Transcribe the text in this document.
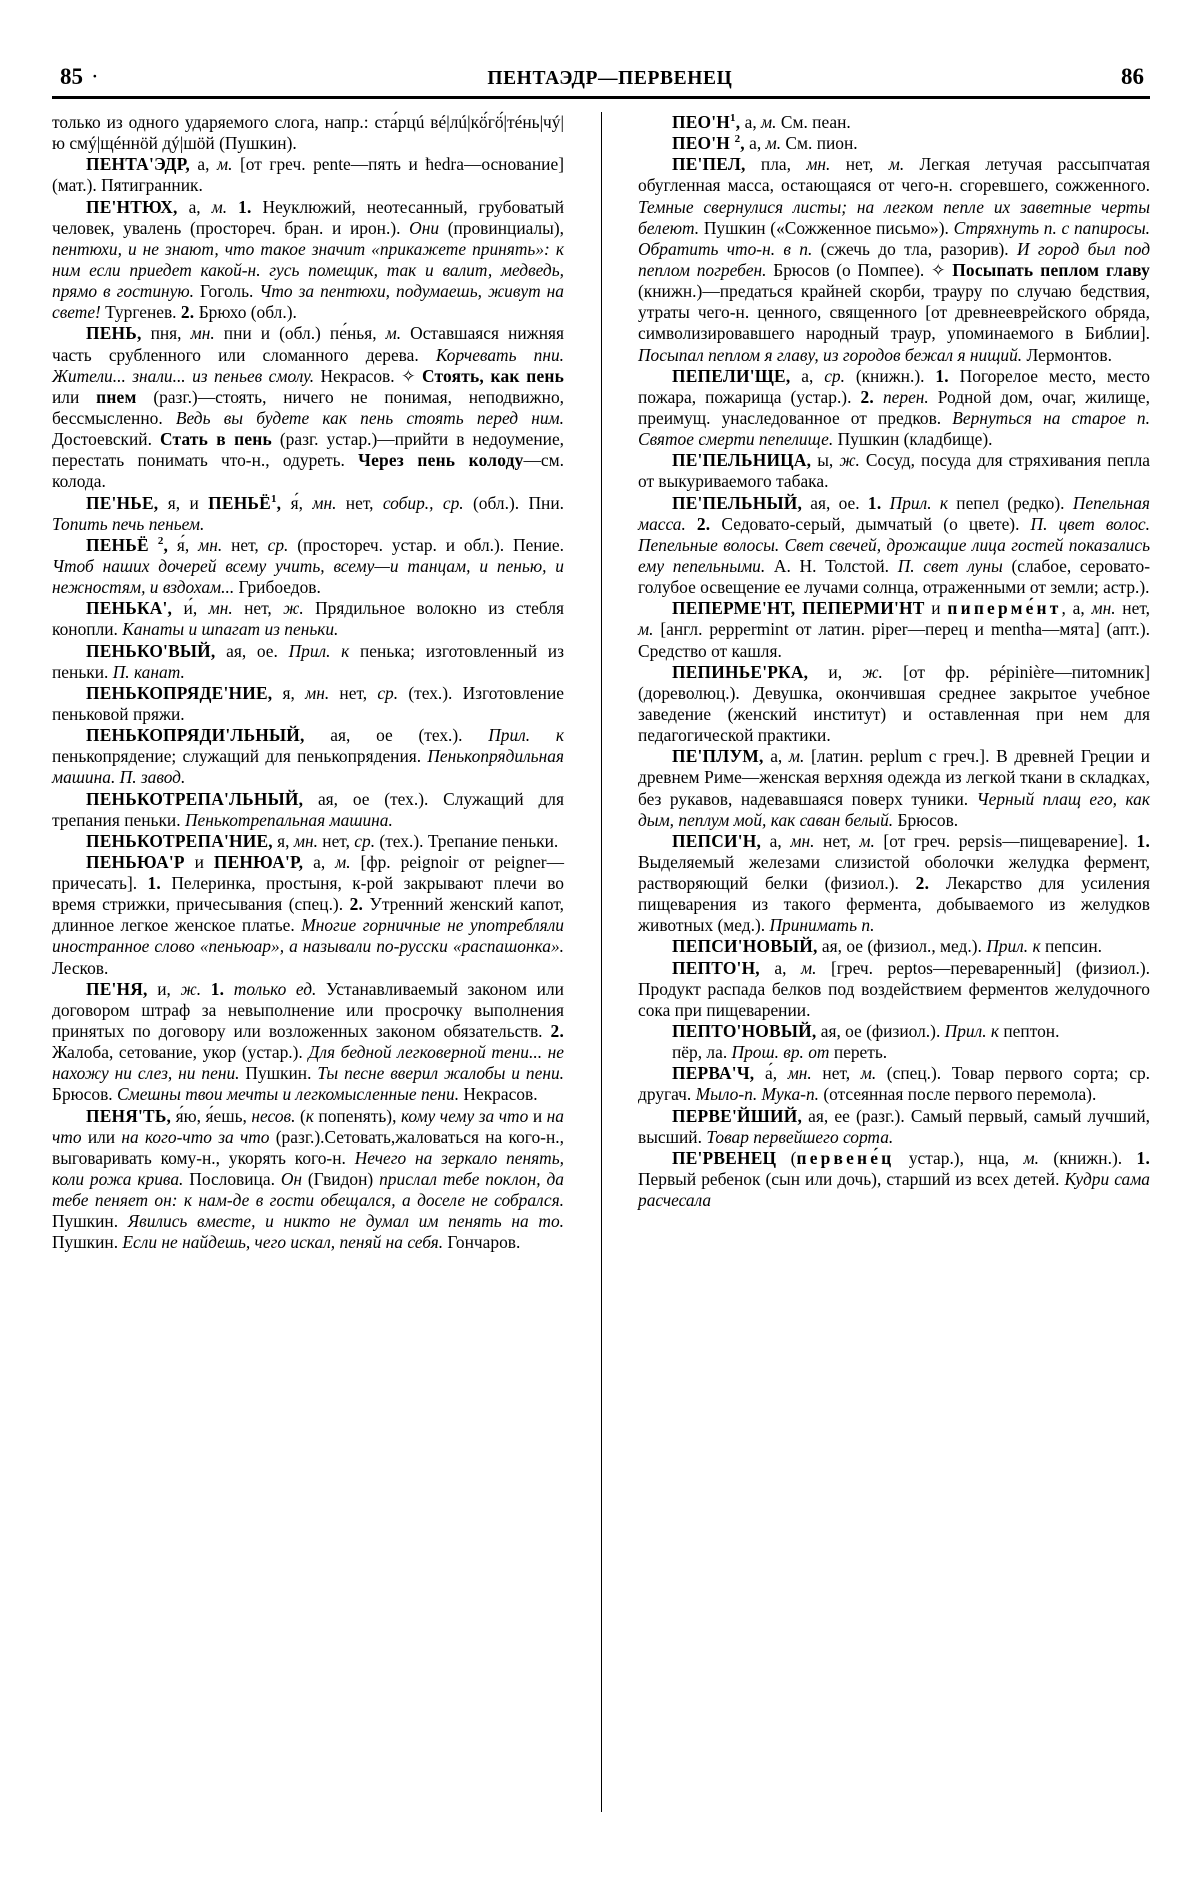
85 ·	ПЕНТАЭДР—ПЕРВЕНЕЦ	86

только из одного ударяемого слога, напр.: ста́рцú вé|лú|кö́гö́|тéнь|чý|ю смý|щéннöй дý|шöй (Пушкин).

ПЕНТА'ЭДР, а, м. [от греч. pente—пять и ћedra—основание] (мат.). Пятигранник.

ПЕ'НТЮХ, а, м. 1. Неуклюжий, неотесанный, грубоватый человек, увалень (простореч. бран. и ирон.). Они (провинциалы), пентюхи, и не знают, что такое значит «прикажете принять»: к ним если приедет какой-н. гусь помещик, так и валит, медведь, прямо в гостиную. Гоголь. Что за пентюхи, подумаешь, живут на свете! Тургенев. 2. Брюхо (обл.).

ПЕНЬ, пня, мн. пни и (обл.) пе́нья, м. Оставшаяся нижняя часть срубленного или сломанного дерева. Корчевать пни. Жители... знали... из пеньев смолу. Некрасов. ✧ Стоять, как пень или пнем (разг.)—стоять, ничего не понимая, неподвижно, бессмысленно. Ведь вы будете как пень стоять перед ним. Достоевский. Стать в пень (разг. устар.)—прийти в недоумение, перестать понимать что-н., одуреть. Через пень колоду—см. колода.

ПЕ'НЬЕ, я, и ПЕНЬЁ$^1$, я́, мн. нет, собир., ср. (обл.). Пни. Топить печь пеньем.

ПЕНЬЁ $^2$, я́, мн. нет, ср. (простореч. устар. и обл.). Пение. Чтоб наших дочерей всему учить, всему—и танцам, и пенью, и нежностям, и вздохам... Грибоедов.

ПЕНЬКА', и́, мн. нет, ж. Прядильное волокно из стебля конопли. Канаты и шпагат из пеньки.

ПЕНЬКО'ВЫЙ, ая, ое. Прил. к пенька; изготовленный из пеньки. П. канат.

ПЕНЬКОПРЯДЕ'НИЕ, я, мн. нет, ср. (тех.). Изготовление пеньковой пряжи.

ПЕНЬКОПРЯДИ'ЛЬНЫЙ, ая, ое (тех.). Прил. к пенькопрядение; служащий для пенькопрядения. Пенькопрядильная машина. П. завод.

ПЕНЬКОТРЕПА'ЛЬНЫЙ, ая, ое (тех.). Служащий для трепания пеньки. Пенькотрепальная машина.

ПЕНЬКОТРЕПА'НИЕ, я, мн. нет, ср. (тех.). Трепание пеньки.

ПЕНЬЮА'Р и ПЕНЮА'Р, а, м. [фр. peignoir от peigner—причесать]. 1. Пелеринка, простыня, к-рой закрывают плечи во время стрижки, причесывания (спец.). 2. Утренний женский капот, длинное легкое женское платье. Многие горничные не употребляли иностранное слово «пеньюар», а называли по-русски «распашонка». Лесков.

ПЕ'НЯ, и, ж. 1. только ед. Устанавливаемый законом или договором штраф за невыполнение или просрочку выполнения принятых по договору или возложенных законом обязательств. 2. Жалоба, сетование, укор (устар.). Для бедной легковерной тени... не нахожу ни слез, ни пени. Пушкин. Ты песне вверил жалобы и пени. Брюсов. Смешны твои мечты и легкомысленные пени. Некрасов.

ПЕНЯ'ТЬ, я́ю, я́ешь, несов. (к попенять), кому чему за что и на что или на кого-что за что (разг.).Сетовать,жаловаться на кого-н., выговаривать кому-н., укорять кого-н. Нечего на зеркало пенять, коли рожа крива. Пословица. Он (Гвидон) прислал тебе поклон, да тебе пеняет он: к нам-де в гости обещался, а доселе не собрался. Пушкин. Явились вместе, и никто не думал им пенять на то. Пушкин. Если не найдешь, чего искал, пеняй на себя. Гончаров.

$ПЕО'Н^1$, а, м. См. пеан.

ПЕО'Н $^2$, а, м. См. пион.

ПЕ'ПЕЛ, пла, мн. нет, м. Легкая летучая рассыпчатая обугленная масса, остающаяся от чего-н. сгоревшего, сожженного. Темные свернулися листы; на легком пепле их заветные черты белеют. Пушкин («Сожженное письмо»). Стряхнуть п. с папиросы. Обратить что-н. в п. (сжечь до тла, разорив). И город был под пеплом погребен. Брюсов (о Помпее). ✧ Посыпать пеплом главу (книжн.)—предаться крайней скорби, трауру по случаю бедствия, утраты чего-н. ценного, священного [от древнееврейского обряда, символизировавшего народный траур, упоминаемого в Библии]. Посыпал пеплом я главу, из городов бежал я нищий. Лермонтов.

ПЕПЕЛИ'ЩЕ, а, ср. (книжн.). 1. Погорелое место, место пожара, пожарища (устар.). 2. перен. Родной дом, очаг, жилище, преимущ. унаследованное от предков. Вернуться на старое п. Святое смерти пепелище. Пушкин (кладбище).

ПЕ'ПЕЛЬНИЦА, ы, ж. Сосуд, посуда для стряхивания пепла от выкуриваемого табака.

ПЕ'ПЕЛЬНЫЙ, ая, ое. 1. Прил. к пепел (редко). Пепельная масса. 2. Седовато-серый, дымчатый (о цвете). П. цвет волос. Пепельные волосы. Свет свечей, дрожащие лица гостей показались ему пепельными. А. Н. Толстой. П. свет луны (слабое, серовато-голубое освещение ее лучами солнца, отраженными от земли; астр.).

ПЕПЕРМЕ'НТ, ПЕПЕРМИ'НТ и пиперме́нт, а, мн. нет, м. [англ. peppermint от латин. piper—перец и mentha—мята] (апт.). Средство от кашля.

ПЕПИНЬЕ'РКА, и, ж. [от фр. pépinière—питомник] (дореволюц.). Девушка, окончившая среднее закрытое учебное заведение (женский институт) и оставленная при нем для педагогической практики.

ПЕ'ПЛУМ, а, м. [латин. peplum с греч.]. В древней Греции и древнем Риме—женская верхняя одежда из легкой ткани в складках, без рукавов, надевавшаяся поверх туники. Черный плащ его, как дым, пеплум мой, как саван белый. Брюсов.

ПЕПСИ'Н, а, мн. нет, м. [от греч. pepsis—пищеварение]. 1. Выделяемый железами слизистой оболочки желудка фермент, растворяющий белки (физиол.). 2. Лекарство для усиления пищеварения из такого фермента, добываемого из желудков животных (мед.). Принимать п.

ПЕПСИ'НОВЫЙ, ая, ое (физиол., мед.). Прил. к пепсин.

ПЕПТО'Н, а, м. [греч. peptos—переваренный] (физиол.). Продукт распада белков под воздействием ферментов желудочного сока при пищеварении.

ПЕПТО'НОВЫЙ, ая, ое (физиол.). Прил. к пептон.

пёр, ла. Прош. вр. от переть.

ПЕРВА'Ч, а́, мн. нет, м. (спец.). Товар первого сорта; ср. другач. Мыло-п. Мука-п. (отсеянная после первого перемола).

ПЕРВЕ'ЙШИЙ, ая, ее (разг.). Самый первый, самый лучший, высший. Товар первейшего сорта.

ПЕ'РВЕНЕЦ (первене́ц устар.), нца, м. (книжн.). 1. Первый ребенок (сын или дочь), старший из всех детей. Кудри сама расчесала
